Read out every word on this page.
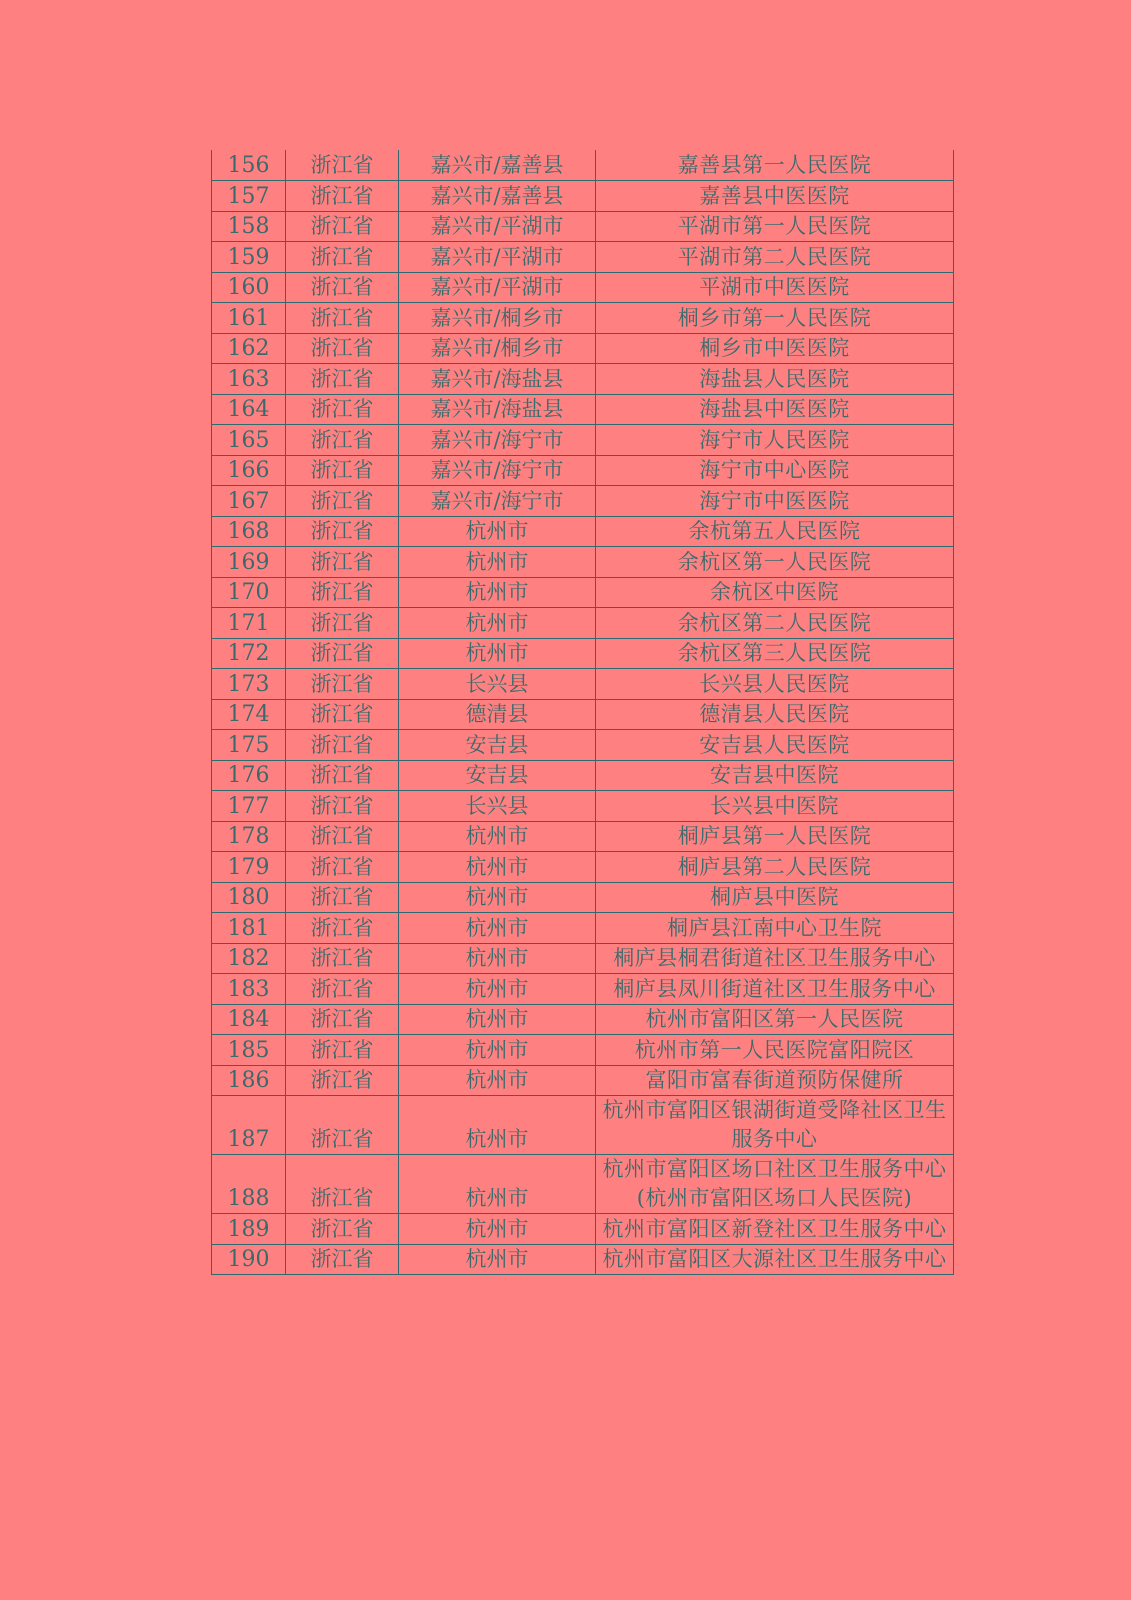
156	浙江省	嘉兴市/嘉善县	嘉善县第一人民医院
157	浙江省	嘉兴市/嘉善县	嘉善县中医医院
158	浙江省	嘉兴市/平湖市	平湖市第一人民医院
159	浙江省	嘉兴市/平湖市	平湖市第二人民医院
160	浙江省	嘉兴市/平湖市	平湖市中医医院
161	浙江省	嘉兴市/桐乡市	桐乡市第一人民医院
162	浙江省	嘉兴市/桐乡市	桐乡市中医医院
163	浙江省	嘉兴市/海盐县	海盐县人民医院
164	浙江省	嘉兴市/海盐县	海盐县中医医院
165	浙江省	嘉兴市/海宁市	海宁市人民医院
166	浙江省	嘉兴市/海宁市	海宁市中心医院
167	浙江省	嘉兴市/海宁市	海宁市中医医院
168	浙江省	杭州市	余杭第五人民医院
169	浙江省	杭州市	余杭区第一人民医院
170	浙江省	杭州市	余杭区中医院
171	浙江省	杭州市	余杭区第二人民医院
172	浙江省	杭州市	余杭区第三人民医院
173	浙江省	长兴县	长兴县人民医院
174	浙江省	德清县	德清县人民医院
175	浙江省	安吉县	安吉县人民医院
176	浙江省	安吉县	安吉县中医院
177	浙江省	长兴县	长兴县中医院
178	浙江省	杭州市	桐庐县第一人民医院
179	浙江省	杭州市	桐庐县第二人民医院
180	浙江省	杭州市	桐庐县中医院
181	浙江省	杭州市	桐庐县江南中心卫生院
182	浙江省	杭州市	桐庐县桐君街道社区卫生服务中心
183	浙江省	杭州市	桐庐县凤川街道社区卫生服务中心
184	浙江省	杭州市	杭州市富阳区第一人民医院
185	浙江省	杭州市	杭州市第一人民医院富阳院区
186	浙江省	杭州市	富阳市富春街道预防保健所
187	浙江省	杭州市	杭州市富阳区银湖街道受降社区卫生服务中心
188	浙江省	杭州市	杭州市富阳区场口社区卫生服务中心(杭州市富阳区场口人民医院)
189	浙江省	杭州市	杭州市富阳区新登社区卫生服务中心
190	浙江省	杭州市	杭州市富阳区大源社区卫生服务中心
